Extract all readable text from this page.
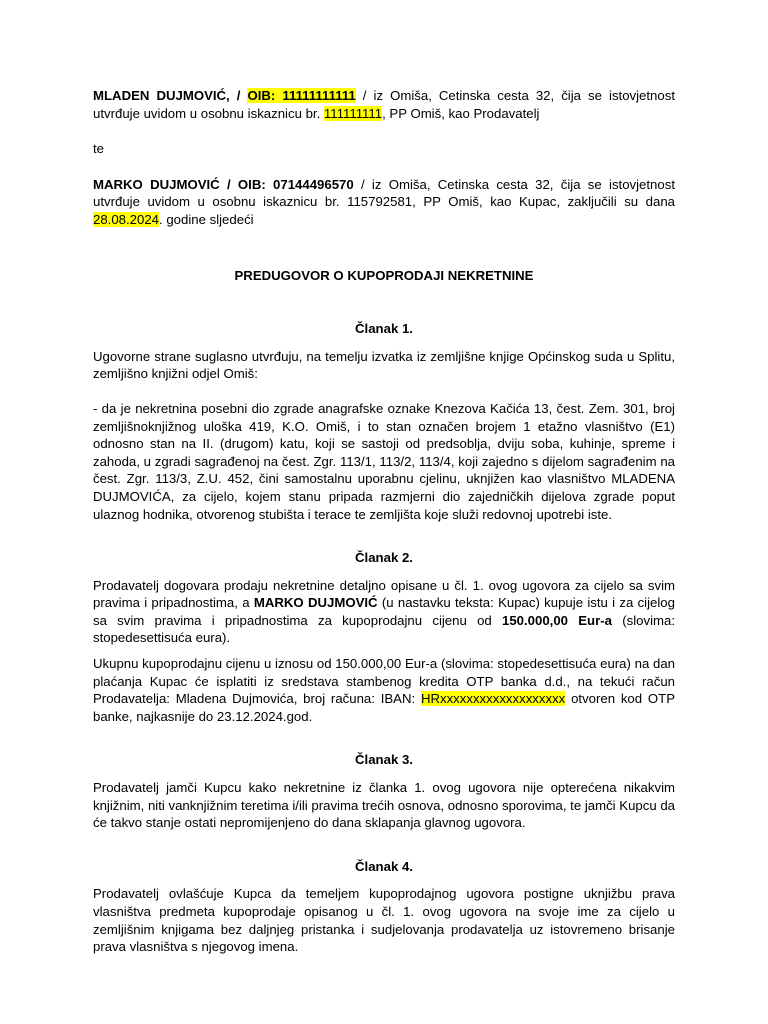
MLADEN DUJMOVIĆ, / OIB: 11111111111 / iz Omiša, Cetinska cesta 32, čija se istovjetnost utvrđuje uvidom u osobnu iskaznicu br. 111111111, PP Omiš, kao Prodavatelj

te

MARKO DUJMOVIĆ / OIB: 07144496570 / iz Omiša, Cetinska cesta 32, čija se istovjetnost utvrđuje uvidom u osobnu iskaznicu br. 115792581, PP Omiš, kao Kupac, zaključili su dana 28.08.2024. godine sljedeći

PREDUGOVOR O KUPOPRODAJI NEKRETNINE

Članak 1.

Ugovorne strane suglasno utvrđuju, na temelju izvatka iz zemljišne knjige Općinskog suda u Splitu, zemljišno knjižni odjel Omiš:

- da je nekretnina posebni dio zgrade anagrafske oznake Knezova Kačića 13, čest. Zem. 301, broj zemljišnoknjižnog uloška 419, K.O. Omiš, i to stan označen brojem 1 etažno vlasništvo (E1) odnosno stan na II. (drugom) katu, koji se sastoji od predsoblja, dviju soba, kuhinje, spreme i zahoda, u zgradi sagrađenoj na čest. Zgr. 113/1, 113/2, 113/4, koji zajedno s dijelom sagrađenim na čest. Zgr. 113/3, Z.U. 452, čini samostalnu uporabnu cjelinu, uknjižen kao vlasništvo MLADENA DUJMOVIĆA, za cijelo, kojem stanu pripada razmjerni dio zajedničkih dijelova zgrade poput ulaznog hodnika, otvorenog stubišta i terace te zemljišta koje služi redovnoj upotrebi iste.

Članak 2.

Prodavatelj dogovara prodaju nekretnine detaljno opisane u čl. 1. ovog ugovora za cijelo sa svim pravima i pripadnostima, a MARKO DUJMOVIĆ (u nastavku teksta: Kupac) kupuje istu i za cijelog sa svim pravima i pripadnostima za kupoprodajnu cijenu od 150.000,00 Eur-a (slovima: stopedesettisuća eura).

Ukupnu kupoprodajnu cijenu u iznosu od 150.000,00 Eur-a (slovima: stopedesettisuća eura) na dan plaćanja Kupac će isplatiti iz sredstava stambenog kredita OTP banka d.d., na tekući račun Prodavatelja: Mladena Dujmovića, broj računa: IBAN: HRxxxxxxxxxxxxxxxxxxx otvoren kod OTP banke, najkasnije do 23.12.2024.god.

Članak 3.

Prodavatelj jamči Kupcu kako nekretnine iz članka 1. ovog ugovora nije opterećena nikakvim knjižnim, niti vanknjižnim teretima i/ili pravima trećih osnova, odnosno sporovima, te jamči Kupcu da će takvo stanje ostati nepromijenjeno do dana sklapanja glavnog ugovora.

Članak 4.

Prodavatelj ovlašćuje Kupca da temeljem kupoprodajnog ugovora postigne uknjižbu prava vlasništva predmeta kupoprodaje opisanog u čl. 1. ovog ugovora na svoje ime za cijelo u zemljišnim knjigama bez daljnjeg pristanka i sudjelovanja prodavatelja uz istovremeno brisanje prava vlasništva s njegovog imena.
